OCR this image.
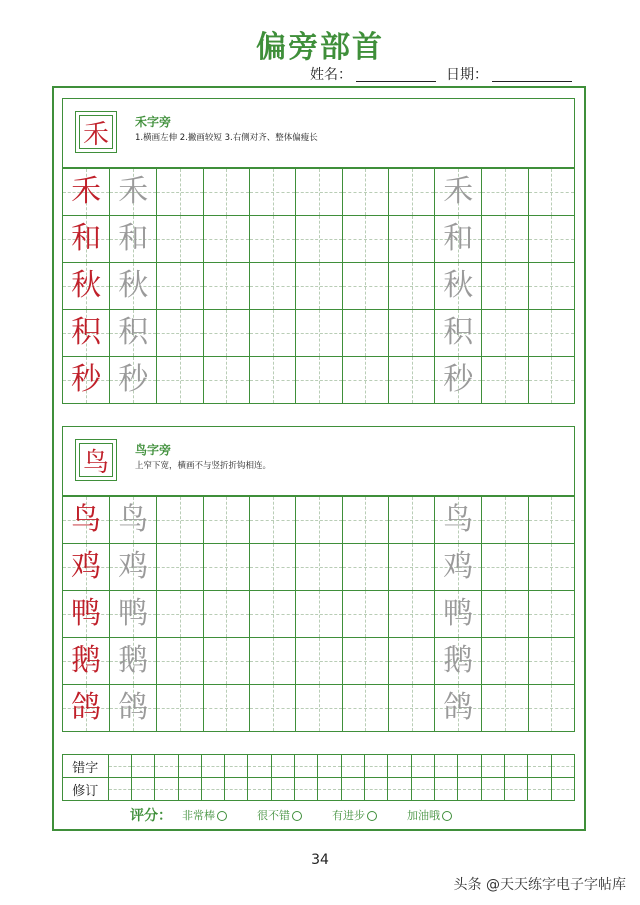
偏旁部首
姓名：	日期：
禾	禾字旁
1.横画左伸 2.撇画较短 3.右侧对齐、整体偏瘦长
禾	禾							禾		
和	和							和		
秋	秋							秋		
积	积							积		
秒	秒							秒		
鸟	鸟字旁
上窄下宽，横画不与竖折折钩相连。
鸟	鸟							鸟		
鸡	鸡							鸡		
鸭	鸭							鸭		
鹅	鹅							鹅		
鸽	鸽							鸽		
错字																				
修订																				
评分： 非常棒	很不错	有进步	加油哦
34
头条 @天天练字电子字帖库
